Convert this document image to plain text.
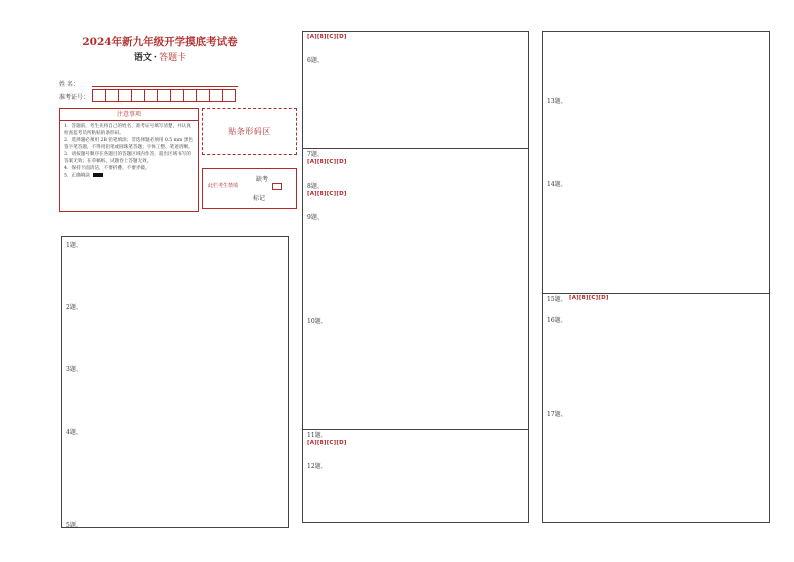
2024年新九年级开学摸底考试卷
语文 · 答题卡
姓 名：
准考证号：
注意事项
1．答题前，考生先将自己的姓名、准考证号填写清楚，并认真检查监考员所粘贴的条形码。
2．选择题必须用 2B 铅笔填涂；非选择题必须用 0.5 mm 黑色签字笔答题，不得用铅笔或圆珠笔答题；字体工整、笔迹清晰。
3．请按题号顺序在各题目的答题区域内作答，超出区域书写的答案无效；在草稿纸、试题卷上答题无效。
4．保持卡面清洁，不要折叠、不要弄破。
5．正确填涂
贴条形码区
此栏考生禁填
缺考
标记
1题、
2题、
3题、
4题、
5题、
[A][B][C][D]
6题、
7题、
[A][B][C][D]
8题、
[A][B][C][D]
9题、
10题、
11题、
[A][B][C][D]
12题、
13题、
14题、
15题、 [A][B][C][D]
16题、
17题、
